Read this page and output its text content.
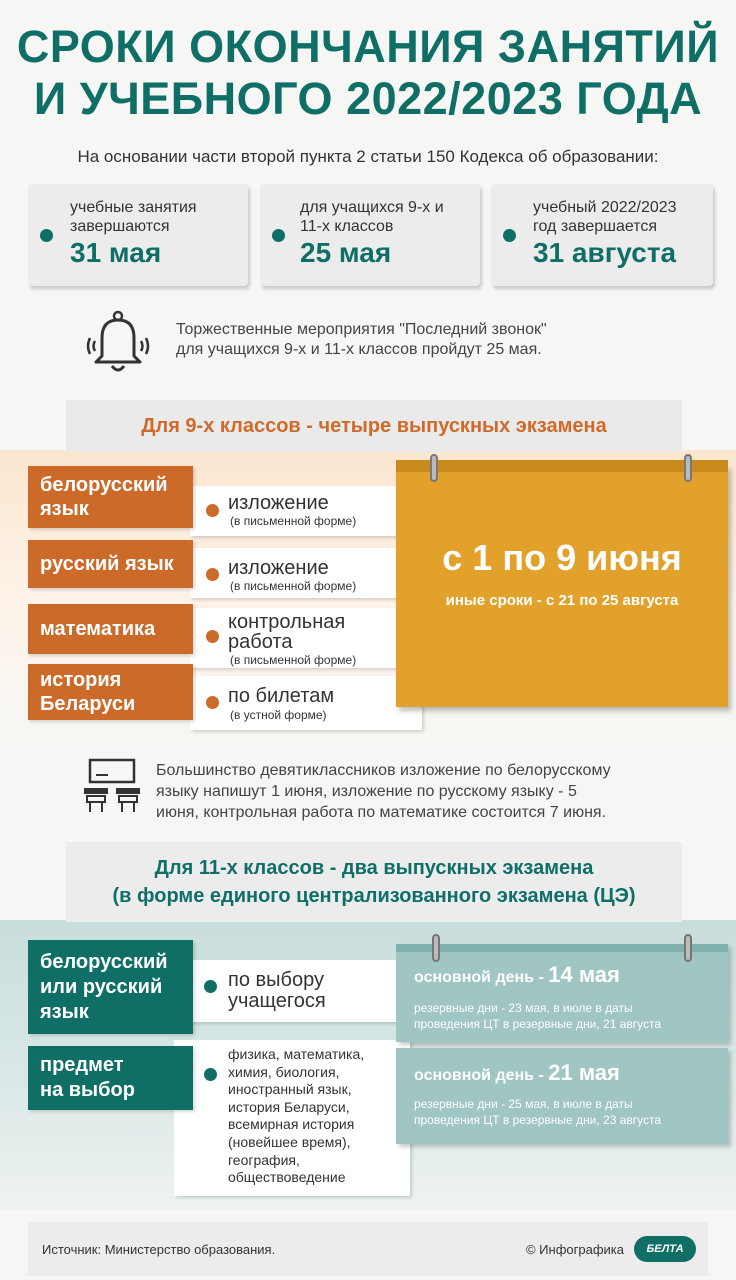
СРОКИ ОКОНЧАНИЯ ЗАНЯТИЙ
И УЧЕБНОГО 2022/2023 ГОДА
На основании части второй пункта 2 статьи 150 Кодекса об образовании:
учебные занятия
завершаются
31 мая
для учащихся 9-х и
11-х классов
25 мая
учебный 2022/2023
год завершается
31 августа
Торжественные мероприятия "Последний звонок"
для учащихся 9-х и 11-х классов пройдут 25 мая.
Для 9-х классов - четыре выпускных экзамена
изложение
(в письменной форме)
белорусский
язык
изложение
(в письменной форме)
русский язык
контрольная
работа
(в письменной форме)
математика
по билетам
(в устной форме)
история
Беларуси
с 1 по 9 июня
иные сроки - с 21 по 25 августа
Большинство девятиклассников изложение по белорусскому
языку напишут 1 июня, изложение по русскому языку - 5
июня, контрольная работа по математике состоится 7 июня.
Для 11-х классов - два выпускных экзамена
(в форме единого централизованного экзамена (ЦЭ)
по выбору
учащегося
белорусский
или русский
язык
физика, математика,
химия, биология,
иностранный язык,
история Беларуси,
всемирная история
(новейшее время),
география,
обществоведение
предмет
на выбор
основной день - 14 мая
резервные дни - 23 мая, в июле в даты
проведения ЦТ в резервные дни, 21 августа
основной день - 21 мая
резервные дни - 25 мая, в июле в даты
проведения ЦТ в резервные дни, 23 августа
Источник: Министерство образования.	© Инфографика	БЕЛТА
